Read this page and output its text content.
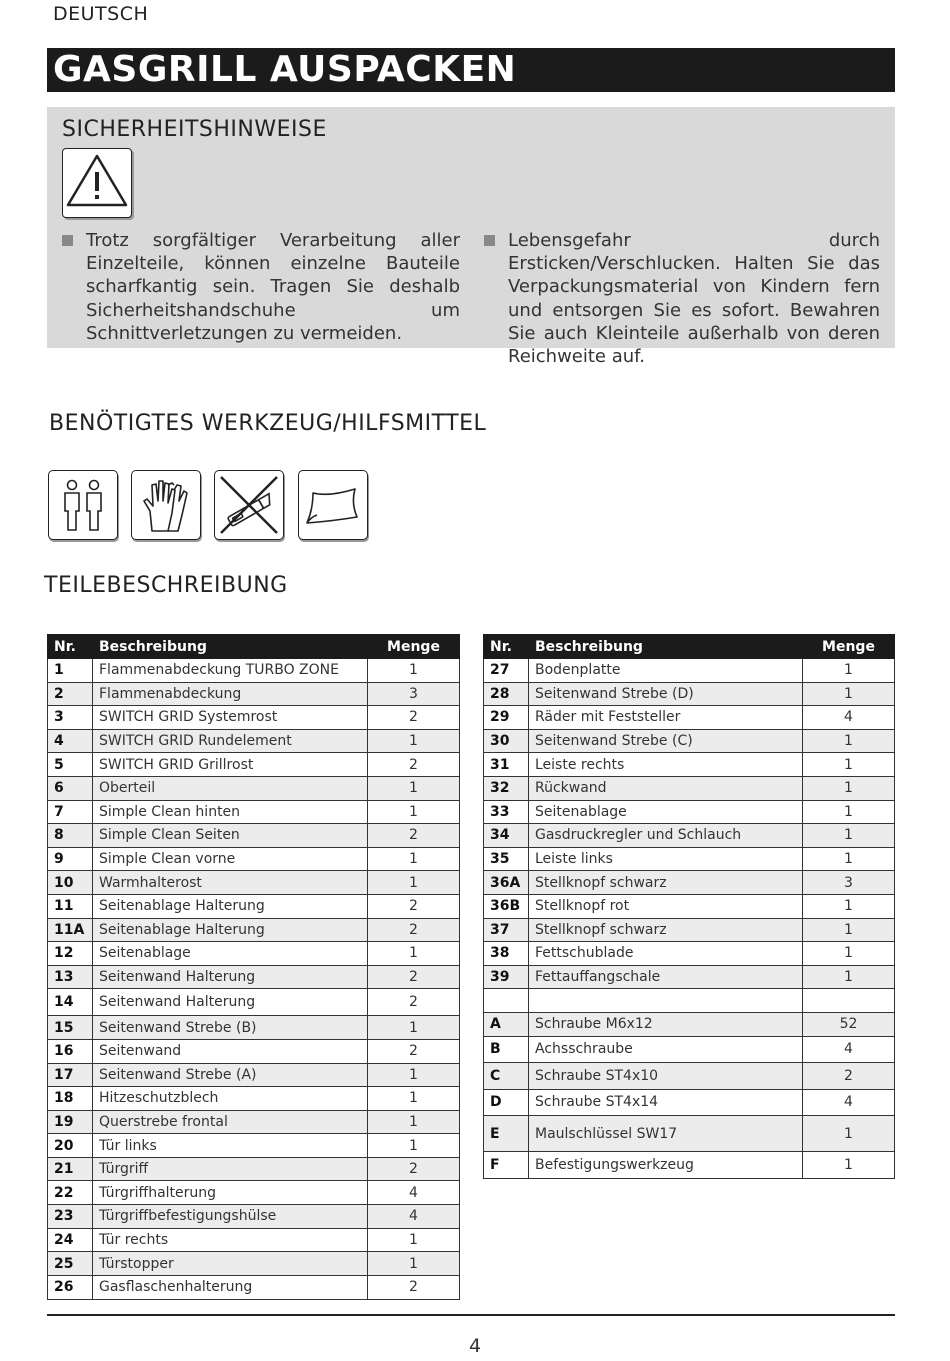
DEUTSCH
GASGRILL AUSPACKEN
SICHERHEITSHINWEISE

Trotz sorgfältiger Verarbeitung aller Einzelteile, können einzelne Bauteile scharfkantig sein. Tragen Sie deshalb Sicherheitshandschuhe um Schnittverletzungen zu vermeiden.

Lebensgefahr durch Ersticken/Verschlucken. Halten Sie das Verpackungsmaterial von Kindern fern und entsorgen Sie es sofort. Bewahren Sie auch Kleinteile außerhalb von deren Reichweite auf.

BENÖTIGTES WERKZEUG/HILFSMITTEL
TEILEBESCHREIBUNG
Nr.	Beschreibung	Menge
1	Flammenabdeckung TURBO ZONE	1
2	Flammenabdeckung	3
3	SWITCH GRID Systemrost	2
4	SWITCH GRID Rundelement	1
5	SWITCH GRID Grillrost	2
6	Oberteil	1
7	Simple Clean hinten	1
8	Simple Clean Seiten	2
9	Simple Clean vorne	1
10	Warmhalterost	1
11	Seitenablage Halterung	2
11A	Seitenablage Halterung	2
12	Seitenablage	1
13	Seitenwand Halterung	2
14	Seitenwand Halterung	2
15	Seitenwand Strebe (B)	1
16	Seitenwand	2
17	Seitenwand Strebe (A)	1
18	Hitzeschutzblech	1
19	Querstrebe frontal	1
20	Tür links	1
21	Türgriff	2
22	Türgriffhalterung	4
23	Türgriffbefestigungshülse	4
24	Tür rechts	1
25	Türstopper	1
26	Gasflaschenhalterung	2
Nr.	Beschreibung	Menge
27	Bodenplatte	1
28	Seitenwand Strebe (D)	1
29	Räder mit Feststeller	4
30	Seitenwand Strebe (C)	1
31	Leiste rechts	1
32	Rückwand	1
33	Seitenablage	1
34	Gasdruckregler und Schlauch	1
35	Leiste links	1
36A	Stellknopf schwarz	3
36B	Stellknopf rot	1
37	Stellknopf schwarz	1
38	Fettschublade	1
39	Fettauffangschale	1

A	Schraube M6x12	52
B	Achsschraube	4
C	Schraube ST4x10	2
D	Schraube ST4x14	4
E	Maulschlüssel SW17	1
F	Befestigungswerkzeug	1
4
